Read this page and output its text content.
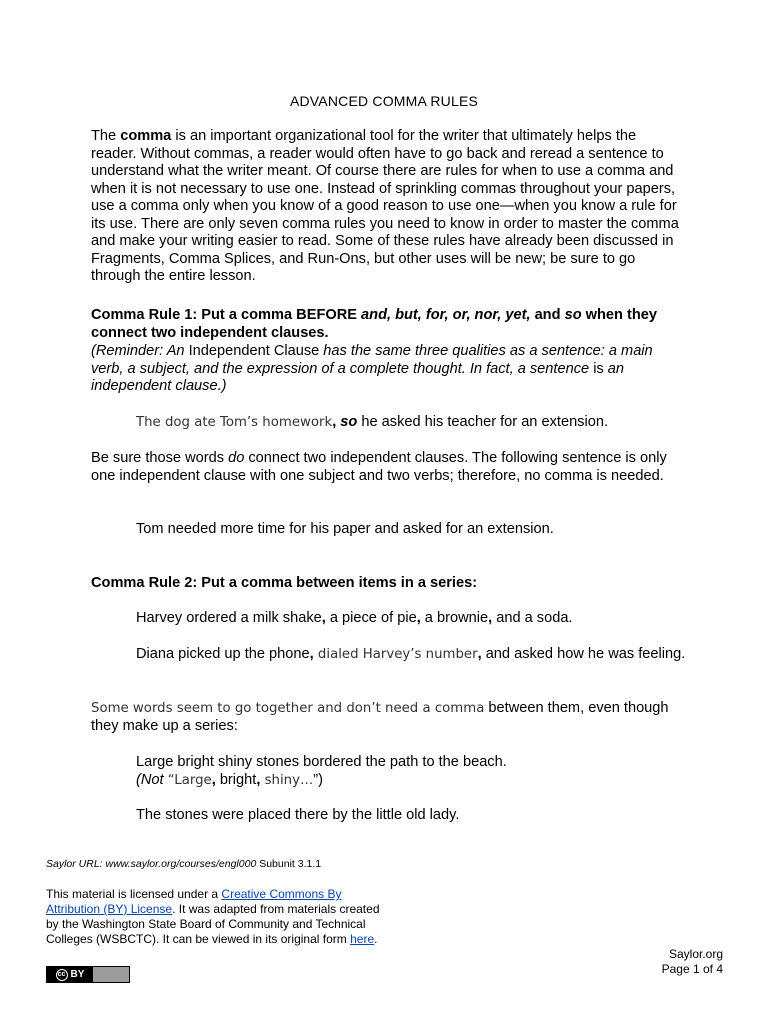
ADVANCED COMMA RULES

The comma is an important organizational tool for the writer that ultimately helps the reader. Without commas, a reader would often have to go back and reread a sentence to understand what the writer meant. Of course there are rules for when to use a comma and when it is not necessary to use one. Instead of sprinkling commas throughout your papers, use a comma only when you know of a good reason to use one—when you know a rule for its use. There are only seven comma rules you need to know in order to master the comma and make your writing easier to read. Some of these rules have already been discussed in Fragments, Comma Splices, and Run-Ons, but other uses will be new; be sure to go through the entire lesson.

Comma Rule 1: Put a comma BEFORE and, but, for, or, nor, yet, and so when they connect two independent clauses.

(Reminder: An Independent Clause has the same three qualities as a sentence: a main verb, a subject, and the expression of a complete thought. In fact, a sentence is an independent clause.)

The dog ate Tom’s homework, so he asked his teacher for an extension.

Be sure those words do connect two independent clauses. The following sentence is only one independent clause with one subject and two verbs; therefore, no comma is needed.

Tom needed more time for his paper and asked for an extension.

Comma Rule 2: Put a comma between items in a series:

Harvey ordered a milk shake, a piece of pie, a brownie, and a soda.

Diana picked up the phone, dialed Harvey’s number, and asked how he was feeling.

Some words seem to go together and don’t need a comma between them, even though they make up a series:

Large bright shiny stones bordered the path to the beach.
(Not “Large, bright, shiny…”)

The stones were placed there by the little old lady.

Saylor URL: www.saylor.org/courses/engl000 Subunit 3.1.1
This material is licensed under a Creative Commons By Attribution (BY) License. It was adapted from materials created by the Washington State Board of Community and Technical Colleges (WSBCTC). It can be viewed in its original form here.
cc BY
Saylor.org
Page 1 of 4
